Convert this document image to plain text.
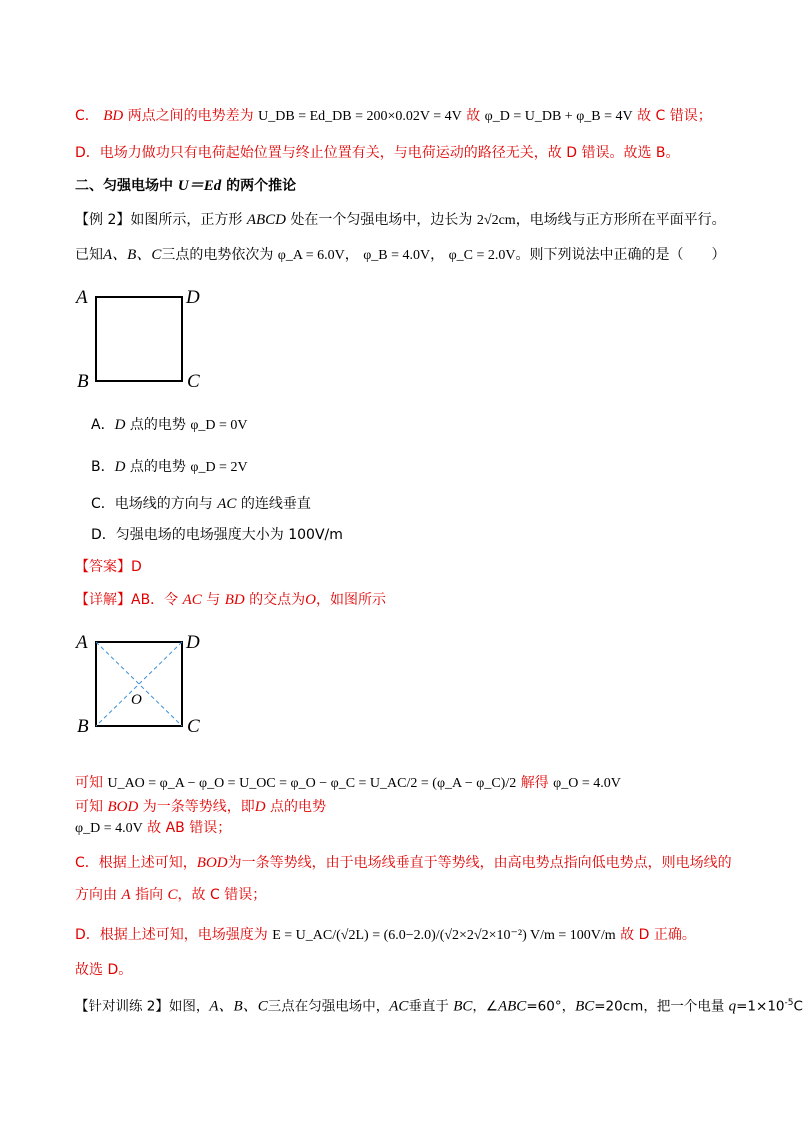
C． BD 两点之间的电势差为 U_DB = Ed_DB = 200×0.02V = 4V 故 φ_D = U_DB + φ_B = 4V 故 C 错误；
D．电场力做功只有电荷起始位置与终止位置有关，与电荷运动的路径无关，故 D 错误。故选 B。
二、匀强电场中 U＝Ed 的两个推论
【例 2】如图所示，正方形 ABCD 处在一个匀强电场中，边长为 2√2cm，电场线与正方形所在平面平行。
已知A、B、C三点的电势依次为 φ_A = 6.0V， φ_B = 4.0V， φ_C = 2.0V。则下列说法中正确的是（　　）
A	D
B	C
A．D 点的电势 φ_D = 0V
B．D 点的电势 φ_D = 2V
C．电场线的方向与 AC 的连线垂直
D．匀强电场的电场强度大小为 100V/m
【答案】D
【详解】AB．令 AC 与 BD 的交点为O，如图所示
A	D
B	C
O
可知 U_AO = φ_A − φ_O = U_OC = φ_O − φ_C = U_AC/2 = (φ_A − φ_C)/2 解得 φ_O = 4.0V
可知 BOD 为一条等势线，即D 点的电势
φ_D = 4.0V 故 AB 错误；
C．根据上述可知，BOD为一条等势线，由于电场线垂直于等势线，由高电势点指向低电势点，则电场线的
方向由 A 指向 C，故 C 错误；
D．根据上述可知，电场强度为 E = U_AC/(√2L) = (6.0−2.0)/(√2×2√2×10⁻²) V/m = 100V/m 故 D 正确。
故选 D。
【针对训练 2】如图，A、B、C三点在匀强电场中，AC垂直于 BC，∠ABC=60°，BC=20cm，把一个电量 $q=1\times 10^{-5}C$
